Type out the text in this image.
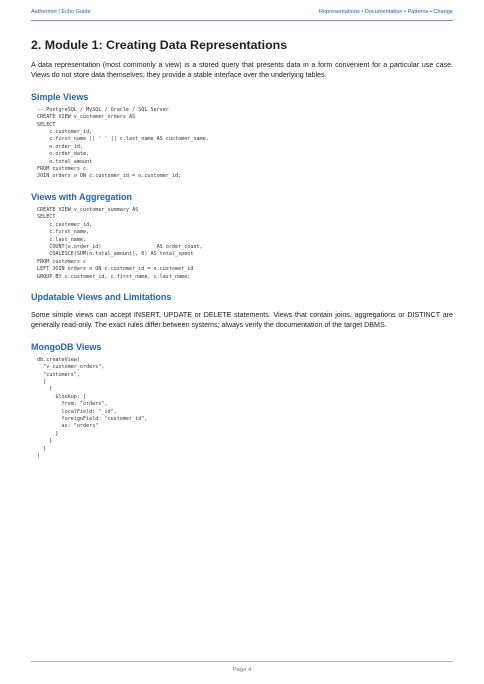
Aethermet | Echo Guide	Representations • Documentation • Patterns • Change
2. Module 1: Creating Data Representations

A data representation (most commonly a view) is a stored query that presents data in a form convenient for a particular use case. Views do not store data themselves; they provide a stable interface over the underlying tables.

Simple Views
-- PostgreSQL / MySQL / Oracle / SQL Server
CREATE VIEW v_customer_orders AS
SELECT
c.customer_id,
c.first_name || ' ' || c.last_name AS customer_name,
o.order_id,
o.order_date,
o.total_amount
FROM customers c
JOIN orders o ON c.customer_id = o.customer_id;
Views with Aggregation
CREATE VIEW v_customer_summary AS
SELECT
c.customer_id,
c.first_name,
c.last_name,
COUNT(o.order_id)                  AS order_count,
COALESCE(SUM(o.total_amount), 0) AS total_spent
FROM customers c
LEFT JOIN orders o ON c.customer_id = o.customer_id
GROUP BY c.customer_id, c.first_name, c.last_name;
Updatable Views and Limitations

Some simple views can accept INSERT, UPDATE or DELETE statements. Views that contain joins, aggregations or DISTINCT are generally read-only. The exact rules differ between systems; always verify the documentation of the target DBMS.

MongoDB Views
db.createView(
"v_customer_orders",
"customers",
[
{
$lookup: {
from: "orders",
localField: "_id",
foreignField: "customer_id",
as: "orders"
}
}
]
)
Page 4
